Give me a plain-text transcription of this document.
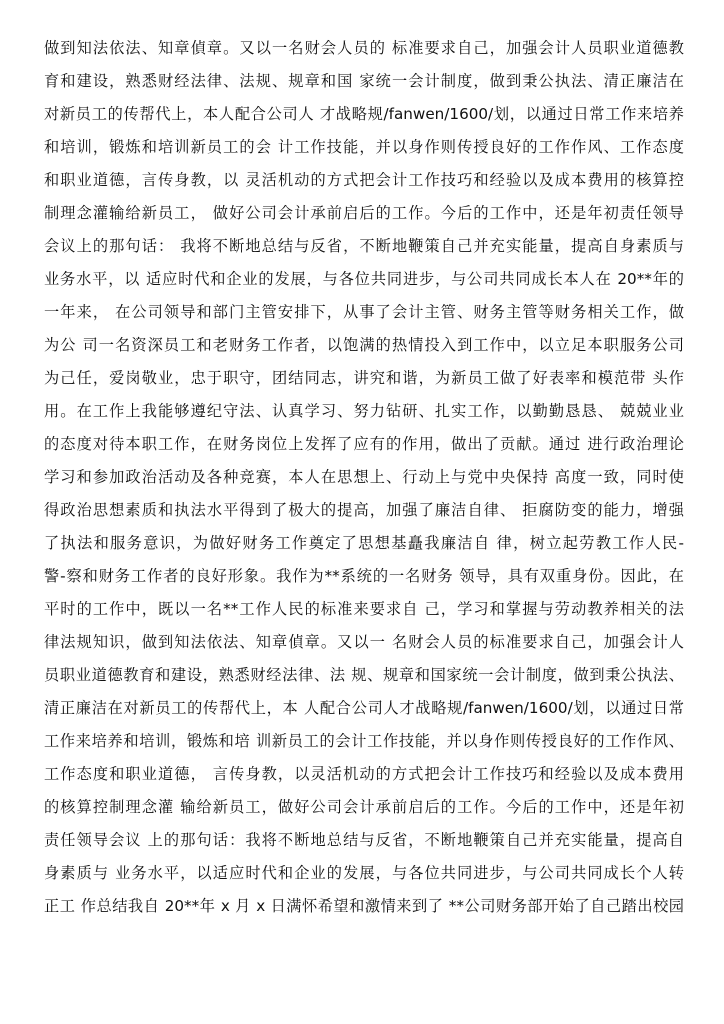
做到知法依法、知章偵章。又以一名财会人员的 标准要求自己，加强会计人员职业道德教
育和建设，熟悉财经法律、法规、规章和国 家统一会计制度，做到秉公执法、清正廉洁在
对新员工的传帮代上，本人配合公司人 才战略规/fanwen/1600/划，以通过日常工作来培养
和培训，锻炼和培训新员工的会 计工作技能，并以身作则传授良好的工作作风、工作态度
和职业道德，言传身教，以 灵活机动的方式把会计工作技巧和经验以及成本费用的核算控
制理念灌输给新员工， 做好公司会计承前启后的工作。今后的工作中，还是年初责任领导
会议上的那句话： 我将不断地总结与反省，不断地鞭策自己并充实能量，提高自身素质与
业务水平，以 适应时代和企业的发展，与各位共同进步，与公司共同成长本人在 20**年的
一年来， 在公司领导和部门主管安排下，从事了会计主管、财务主管等财务相关工作，做
为公 司一名资深员工和老财务工作者，以饱满的热情投入到工作中，以立足本职服务公司
为己任，爱岗敬业，忠于职守，团结同志，讲究和谐，为新员工做了好表率和模范带 头作
用。在工作上我能够遵纪守法、认真学习、努力钻研、扎实工作，以勤勤恳恳、 兢兢业业
的态度对待本职工作，在财务岗位上发挥了应有的作用，做出了贡献。通过 进行政治理论
学习和参加政治活动及各种竞赛，本人在思想上、行动上与党中央保持 高度一致，同时使
得政治思想素质和执法水平得到了极大的提高，加强了廉洁自律、 拒腐防变的能力，增强
了执法和服务意识，为做好财务工作奠定了思想基矗我廉洁自 律，树立起劳教工作人民-
警-察和财务工作者的良好形象。我作为**系统的一名财务 领导，具有双重身份。因此，在
平时的工作中，既以一名**工作人民的标准来要求自 己，学习和掌握与劳动教养相关的法
律法规知识，做到知法依法、知章偵章。又以一 名财会人员的标准要求自己，加强会计人
员职业道德教育和建设，熟悉财经法律、法 规、规章和国家统一会计制度，做到秉公执法、
清正廉洁在对新员工的传帮代上，本 人配合公司人才战略规/fanwen/1600/划，以通过日常
工作来培养和培训，锻炼和培 训新员工的会计工作技能，并以身作则传授良好的工作作风、
工作态度和职业道德， 言传身教，以灵活机动的方式把会计工作技巧和经验以及成本费用
的核算控制理念灌 输给新员工，做好公司会计承前启后的工作。今后的工作中，还是年初
责任领导会议 上的那句话：我将不断地总结与反省，不断地鞭策自己并充实能量，提高自
身素质与 业务水平，以适应时代和企业的发展，与各位共同进步，与公司共同成长个人转
正工 作总结我自 20**年 x 月 x 日满怀希望和激情来到了 **公司财务部开始了自己踏出校园
